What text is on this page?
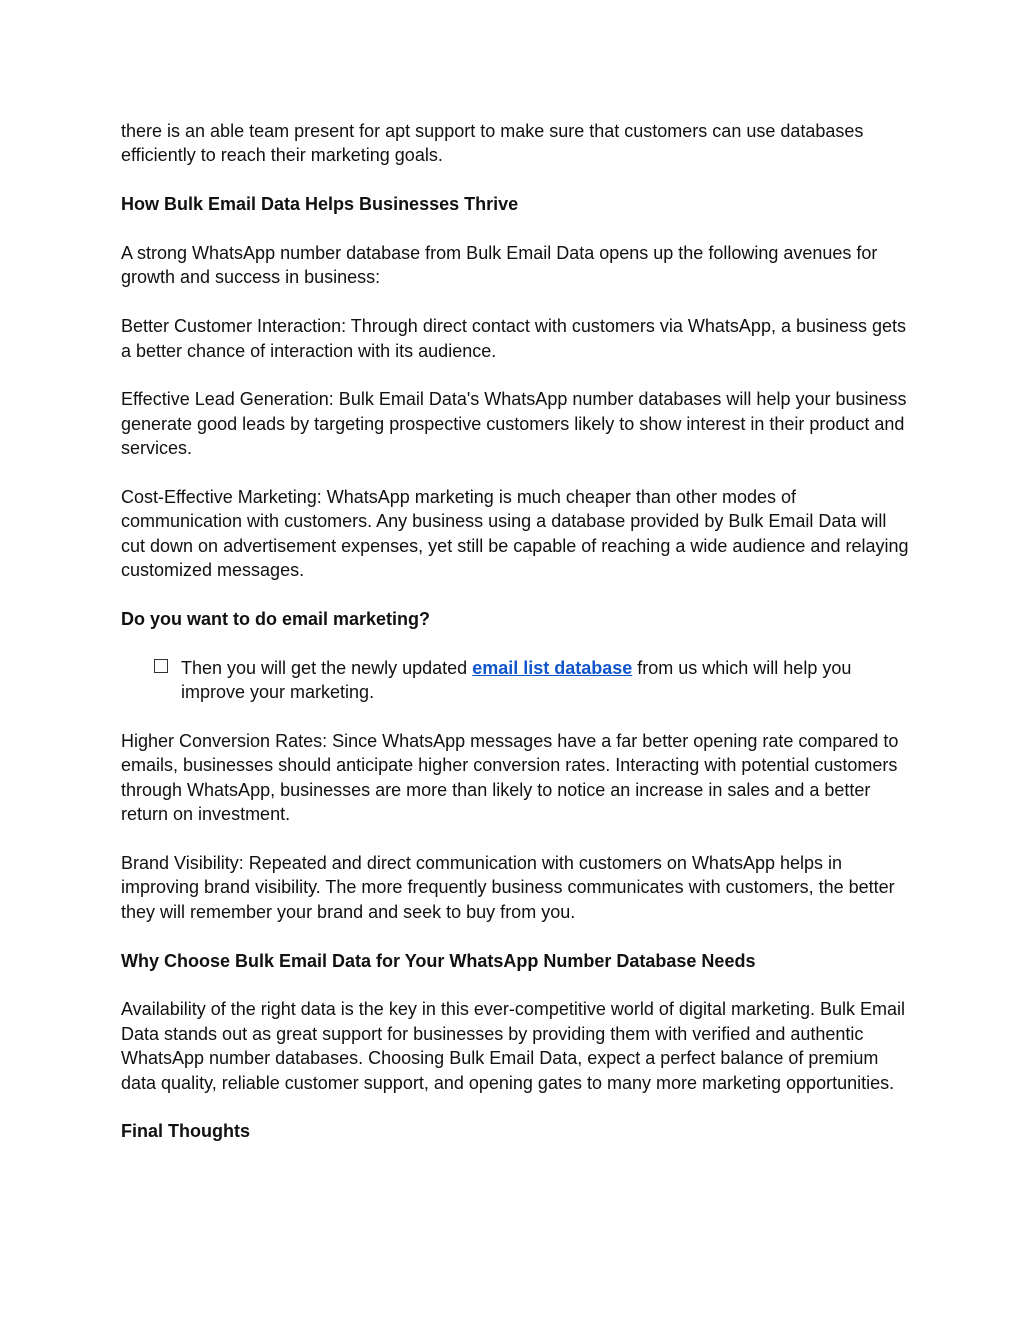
there is an able team present for apt support to make sure that customers can use databases efficiently to reach their marketing goals.

How Bulk Email Data Helps Businesses Thrive

A strong WhatsApp number database from Bulk Email Data opens up the following avenues for growth and success in business:

Better Customer Interaction: Through direct contact with customers via WhatsApp, a business gets a better chance of interaction with its audience.

Effective Lead Generation: Bulk Email Data's WhatsApp number databases will help your business generate good leads by targeting prospective customers likely to show interest in their product and services.

Cost-Effective Marketing: WhatsApp marketing is much cheaper than other modes of communication with customers. Any business using a database provided by Bulk Email Data will cut down on advertisement expenses, yet still be capable of reaching a wide audience and relaying customized messages.

Do you want to do email marketing?

Then you will get the newly updated email list database from us which will help you improve your marketing.

Higher Conversion Rates: Since WhatsApp messages have a far better opening rate compared to emails, businesses should anticipate higher conversion rates. Interacting with potential customers through WhatsApp, businesses are more than likely to notice an increase in sales and a better return on investment.

Brand Visibility: Repeated and direct communication with customers on WhatsApp helps in improving brand visibility. The more frequently business communicates with customers, the better they will remember your brand and seek to buy from you.

Why Choose Bulk Email Data for Your WhatsApp Number Database Needs

Availability of the right data is the key in this ever-competitive world of digital marketing. Bulk Email Data stands out as great support for businesses by providing them with verified and authentic WhatsApp number databases. Choosing Bulk Email Data, expect a perfect balance of premium data quality, reliable customer support, and opening gates to many more marketing opportunities.

Final Thoughts
